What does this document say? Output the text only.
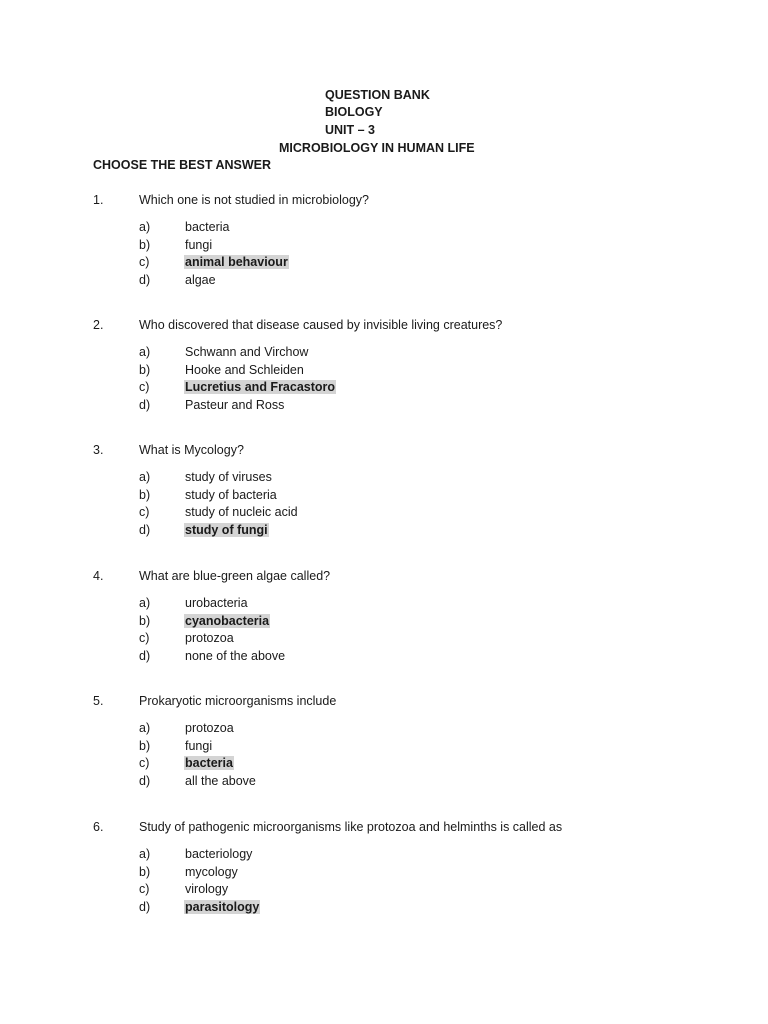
QUESTION BANK
BIOLOGY
UNIT – 3
MICROBIOLOGY IN HUMAN LIFE
CHOOSE THE BEST ANSWER
1.	Which one is not studied in microbiology?
a)	bacteria
b)	fungi
c)	animal behaviour
d)	algae
2.	Who discovered that disease caused by invisible living creatures?
a)	Schwann and Virchow
b)	Hooke and Schleiden
c)	Lucretius and Fracastoro
d)	Pasteur and Ross
3.	What is Mycology?
a)	study of viruses
b)	study of bacteria
c)	study of nucleic acid
d)	study of fungi
4.	What are blue-green algae called?
a)	urobacteria
b)	cyanobacteria
c)	protozoa
d)	none of the above
5.	Prokaryotic microorganisms include
a)	protozoa
b)	fungi
c)	bacteria
d)	all the above
6.	Study of pathogenic microorganisms like protozoa and helminths is called as
a)	bacteriology
b)	mycology
c)	virology
d)	parasitology
